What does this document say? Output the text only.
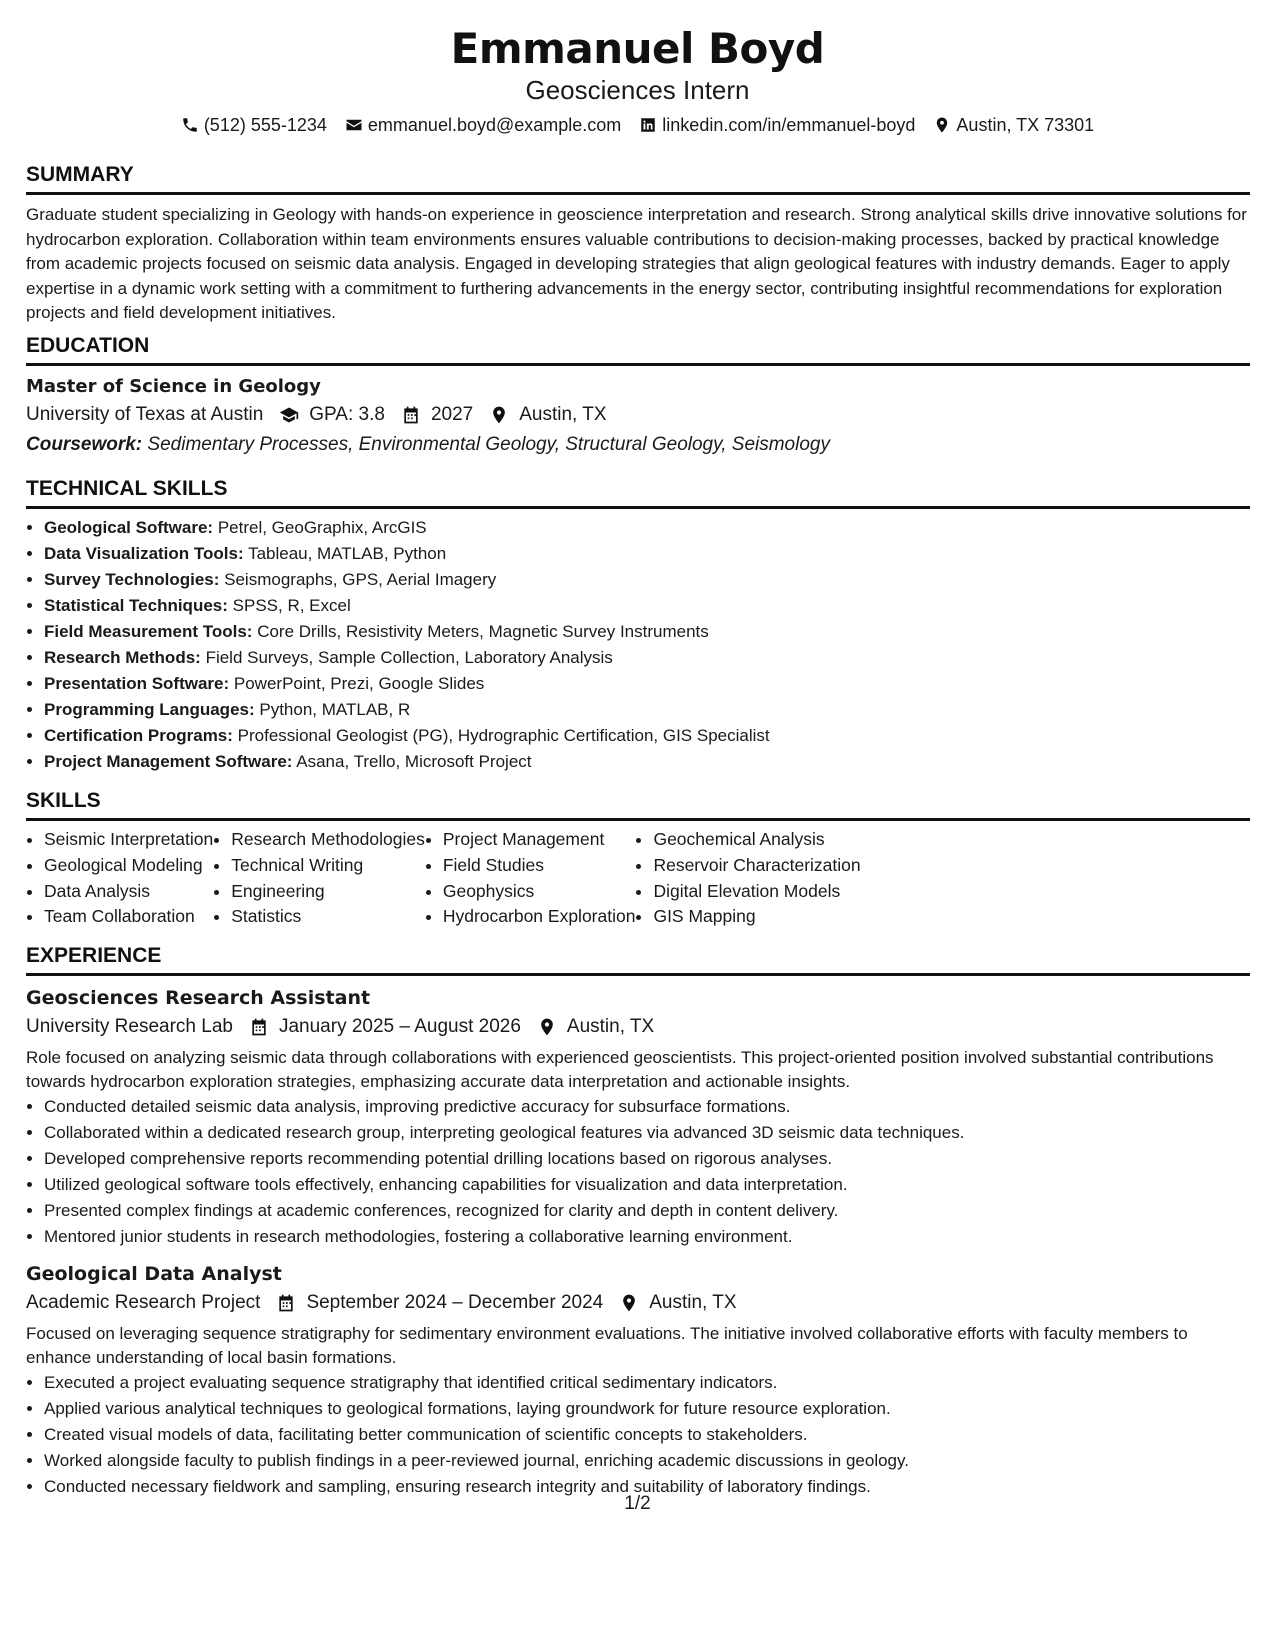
Emmanuel Boyd
Geosciences Intern
(512) 555-1234 emmanuel.boyd@example.com linkedin.com/in/emmanuel-boyd Austin, TX 73301
SUMMARY
Graduate student specializing in Geology with hands-on experience in geoscience interpretation and research. Strong analytical skills drive innovative solutions for hydrocarbon exploration. Collaboration within team environments ensures valuable contributions to decision-making processes, backed by practical knowledge from academic projects focused on seismic data analysis. Engaged in developing strategies that align geological features with industry demands. Eager to apply expertise in a dynamic work setting with a commitment to furthering advancements in the energy sector, contributing insightful recommendations for exploration projects and field development initiatives.
EDUCATION
Master of Science in Geology
University of Texas at Austin GPA: 3.8 2027 Austin, TX
Coursework: Sedimentary Processes, Environmental Geology, Structural Geology, Seismology
TECHNICAL SKILLS
• Geological Software: Petrel, GeoGraphix, ArcGIS
• Data Visualization Tools: Tableau, MATLAB, Python
• Survey Technologies: Seismographs, GPS, Aerial Imagery
• Statistical Techniques: SPSS, R, Excel
• Field Measurement Tools: Core Drills, Resistivity Meters, Magnetic Survey Instruments
• Research Methods: Field Surveys, Sample Collection, Laboratory Analysis
• Presentation Software: PowerPoint, Prezi, Google Slides
• Programming Languages: Python, MATLAB, R
• Certification Programs: Professional Geologist (PG), Hydrographic Certification, GIS Specialist
• Project Management Software: Asana, Trello, Microsoft Project
SKILLS
• Seismic Interpretation
• Geological Modeling
• Data Analysis
• Team Collaboration
• Research Methodologies
• Technical Writing
• Engineering
• Statistics
• Project Management
• Field Studies
• Geophysics
• Hydrocarbon Exploration
• Geochemical Analysis
• Reservoir Characterization
• Digital Elevation Models
• GIS Mapping
EXPERIENCE
Geosciences Research Assistant
University Research Lab January 2025 – August 2026 Austin, TX
Role focused on analyzing seismic data through collaborations with experienced geoscientists. This project-oriented position involved substantial contributions towards hydrocarbon exploration strategies, emphasizing accurate data interpretation and actionable insights.
• Conducted detailed seismic data analysis, improving predictive accuracy for subsurface formations.
• Collaborated within a dedicated research group, interpreting geological features via advanced 3D seismic data techniques.
• Developed comprehensive reports recommending potential drilling locations based on rigorous analyses.
• Utilized geological software tools effectively, enhancing capabilities for visualization and data interpretation.
• Presented complex findings at academic conferences, recognized for clarity and depth in content delivery.
• Mentored junior students in research methodologies, fostering a collaborative learning environment.
Geological Data Analyst
Academic Research Project September 2024 – December 2024 Austin, TX
Focused on leveraging sequence stratigraphy for sedimentary environment evaluations. The initiative involved collaborative efforts with faculty members to enhance understanding of local basin formations.
• Executed a project evaluating sequence stratigraphy that identified critical sedimentary indicators.
• Applied various analytical techniques to geological formations, laying groundwork for future resource exploration.
• Created visual models of data, facilitating better communication of scientific concepts to stakeholders.
• Worked alongside faculty to publish findings in a peer-reviewed journal, enriching academic discussions in geology.
• Conducted necessary fieldwork and sampling, ensuring research integrity and suitability of laboratory findings.
1/2
